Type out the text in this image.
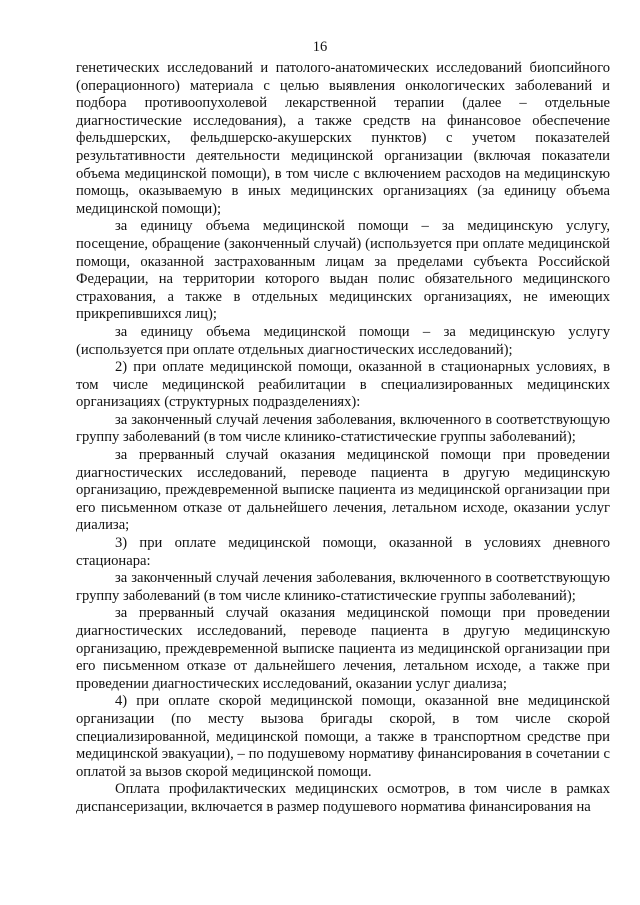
16

генетических исследований и патолого-анатомических исследований биопсийного (операционного) материала с целью выявления онкологических заболеваний и подбора противоопухолевой лекарственной терапии (далее – отдельные диагностические исследования), а также средств на финансовое обеспечение фельдшерских, фельдшерско-акушерских пунктов) с учетом показателей результативности деятельности медицинской организации (включая показатели объема медицинской помощи), в том числе с включением расходов на медицинскую помощь, оказываемую в иных медицинских организациях (за единицу объема медицинской помощи);

за единицу объема медицинской помощи – за медицинскую услугу, посещение, обращение (законченный случай) (используется при оплате медицинской помощи, оказанной застрахованным лицам за пределами субъекта Российской Федерации, на территории которого выдан полис обязательного медицинского страхования, а также в отдельных медицинских организациях, не имеющих прикрепившихся лиц);

за единицу объема медицинской помощи – за медицинскую услугу (используется при оплате отдельных диагностических исследований);

2) при оплате медицинской помощи, оказанной в стационарных условиях, в том числе медицинской реабилитации в специализированных медицинских организациях (структурных подразделениях):

за законченный случай лечения заболевания, включенного в соответствующую группу заболеваний (в том числе клинико-статистические группы заболеваний);

за прерванный случай оказания медицинской помощи при проведении диагностических исследований, переводе пациента в другую медицинскую организацию, преждевременной выписке пациента из медицинской организации при его письменном отказе от дальнейшего лечения, летальном исходе, оказании услуг диализа;

3) при оплате медицинской помощи, оказанной в условиях дневного стационара:

за законченный случай лечения заболевания, включенного в соответствующую группу заболеваний (в том числе клинико-статистические группы заболеваний);

за прерванный случай оказания медицинской помощи при проведении диагностических исследований, переводе пациента в другую медицинскую организацию, преждевременной выписке пациента из медицинской организации при его письменном отказе от дальнейшего лечения, летальном исходе, а также при проведении диагностических исследований, оказании услуг диализа;

4) при оплате скорой медицинской помощи, оказанной вне медицинской организации (по месту вызова бригады скорой, в том числе скорой специализированной, медицинской помощи, а также в транспортном средстве при медицинской эвакуации), – по подушевому нормативу финансирования в сочетании с оплатой за вызов скорой медицинской помощи.

Оплата профилактических медицинских осмотров, в том числе в рамках диспансеризации, включается в размер подушевого норматива финансирования на
